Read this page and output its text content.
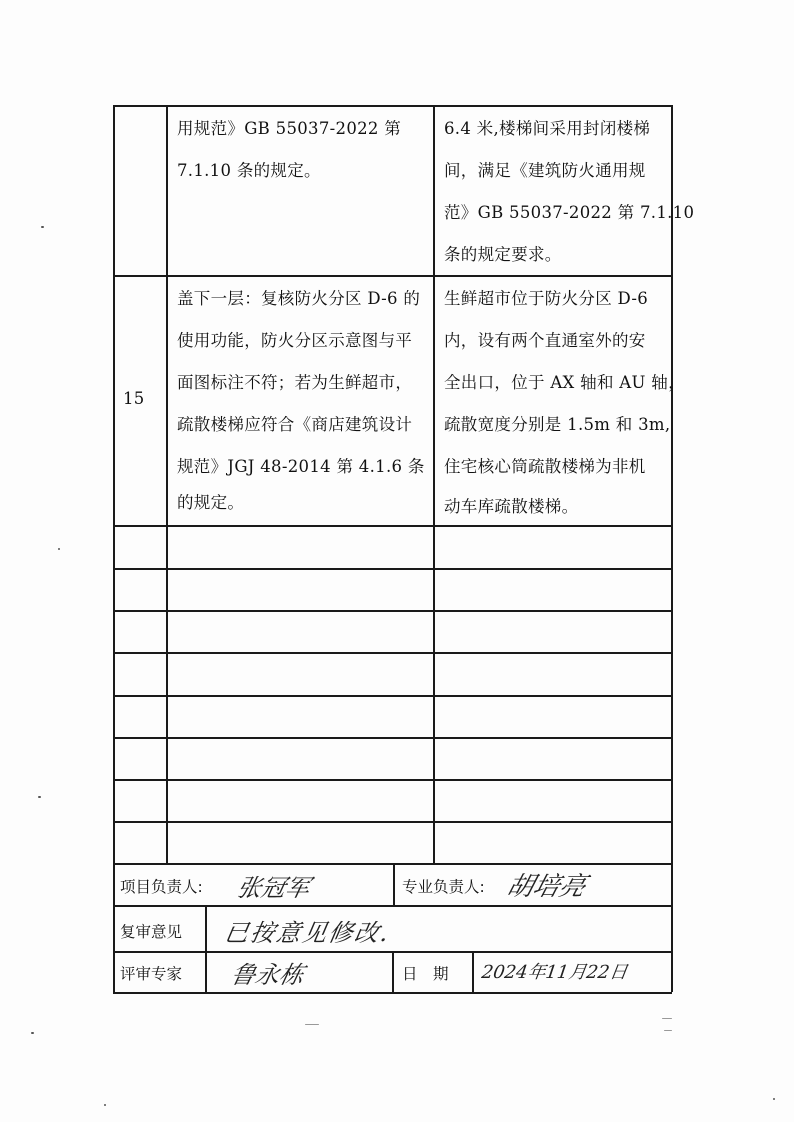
用规范》GB 55037-2022 第
7.1.10 条的规定。
6.4 米,楼梯间采用封闭楼梯
间，满足《建筑防火通用规
范》GB 55037-2022 第 7.1.10
条的规定要求。
15
盖下一层：复核防火分区 D-6 的
使用功能，防火分区示意图与平
面图标注不符；若为生鲜超市，
疏散楼梯应符合《商店建筑设计
规范》JGJ 48-2014 第 4.1.6 条
的规定。
生鲜超市位于防火分区 D-6
内，设有两个直通室外的安
全出口，位于 AX 轴和 AU 轴，
疏散宽度分别是 1.5m 和 3m,
住宅核心筒疏散楼梯为非机
动车库疏散楼梯。
项目负责人: 张冠军	专业负责人: 胡培亮
复审意见 已按意见修改.
评审专家 鲁永栋	日　期 2024年11月22日
